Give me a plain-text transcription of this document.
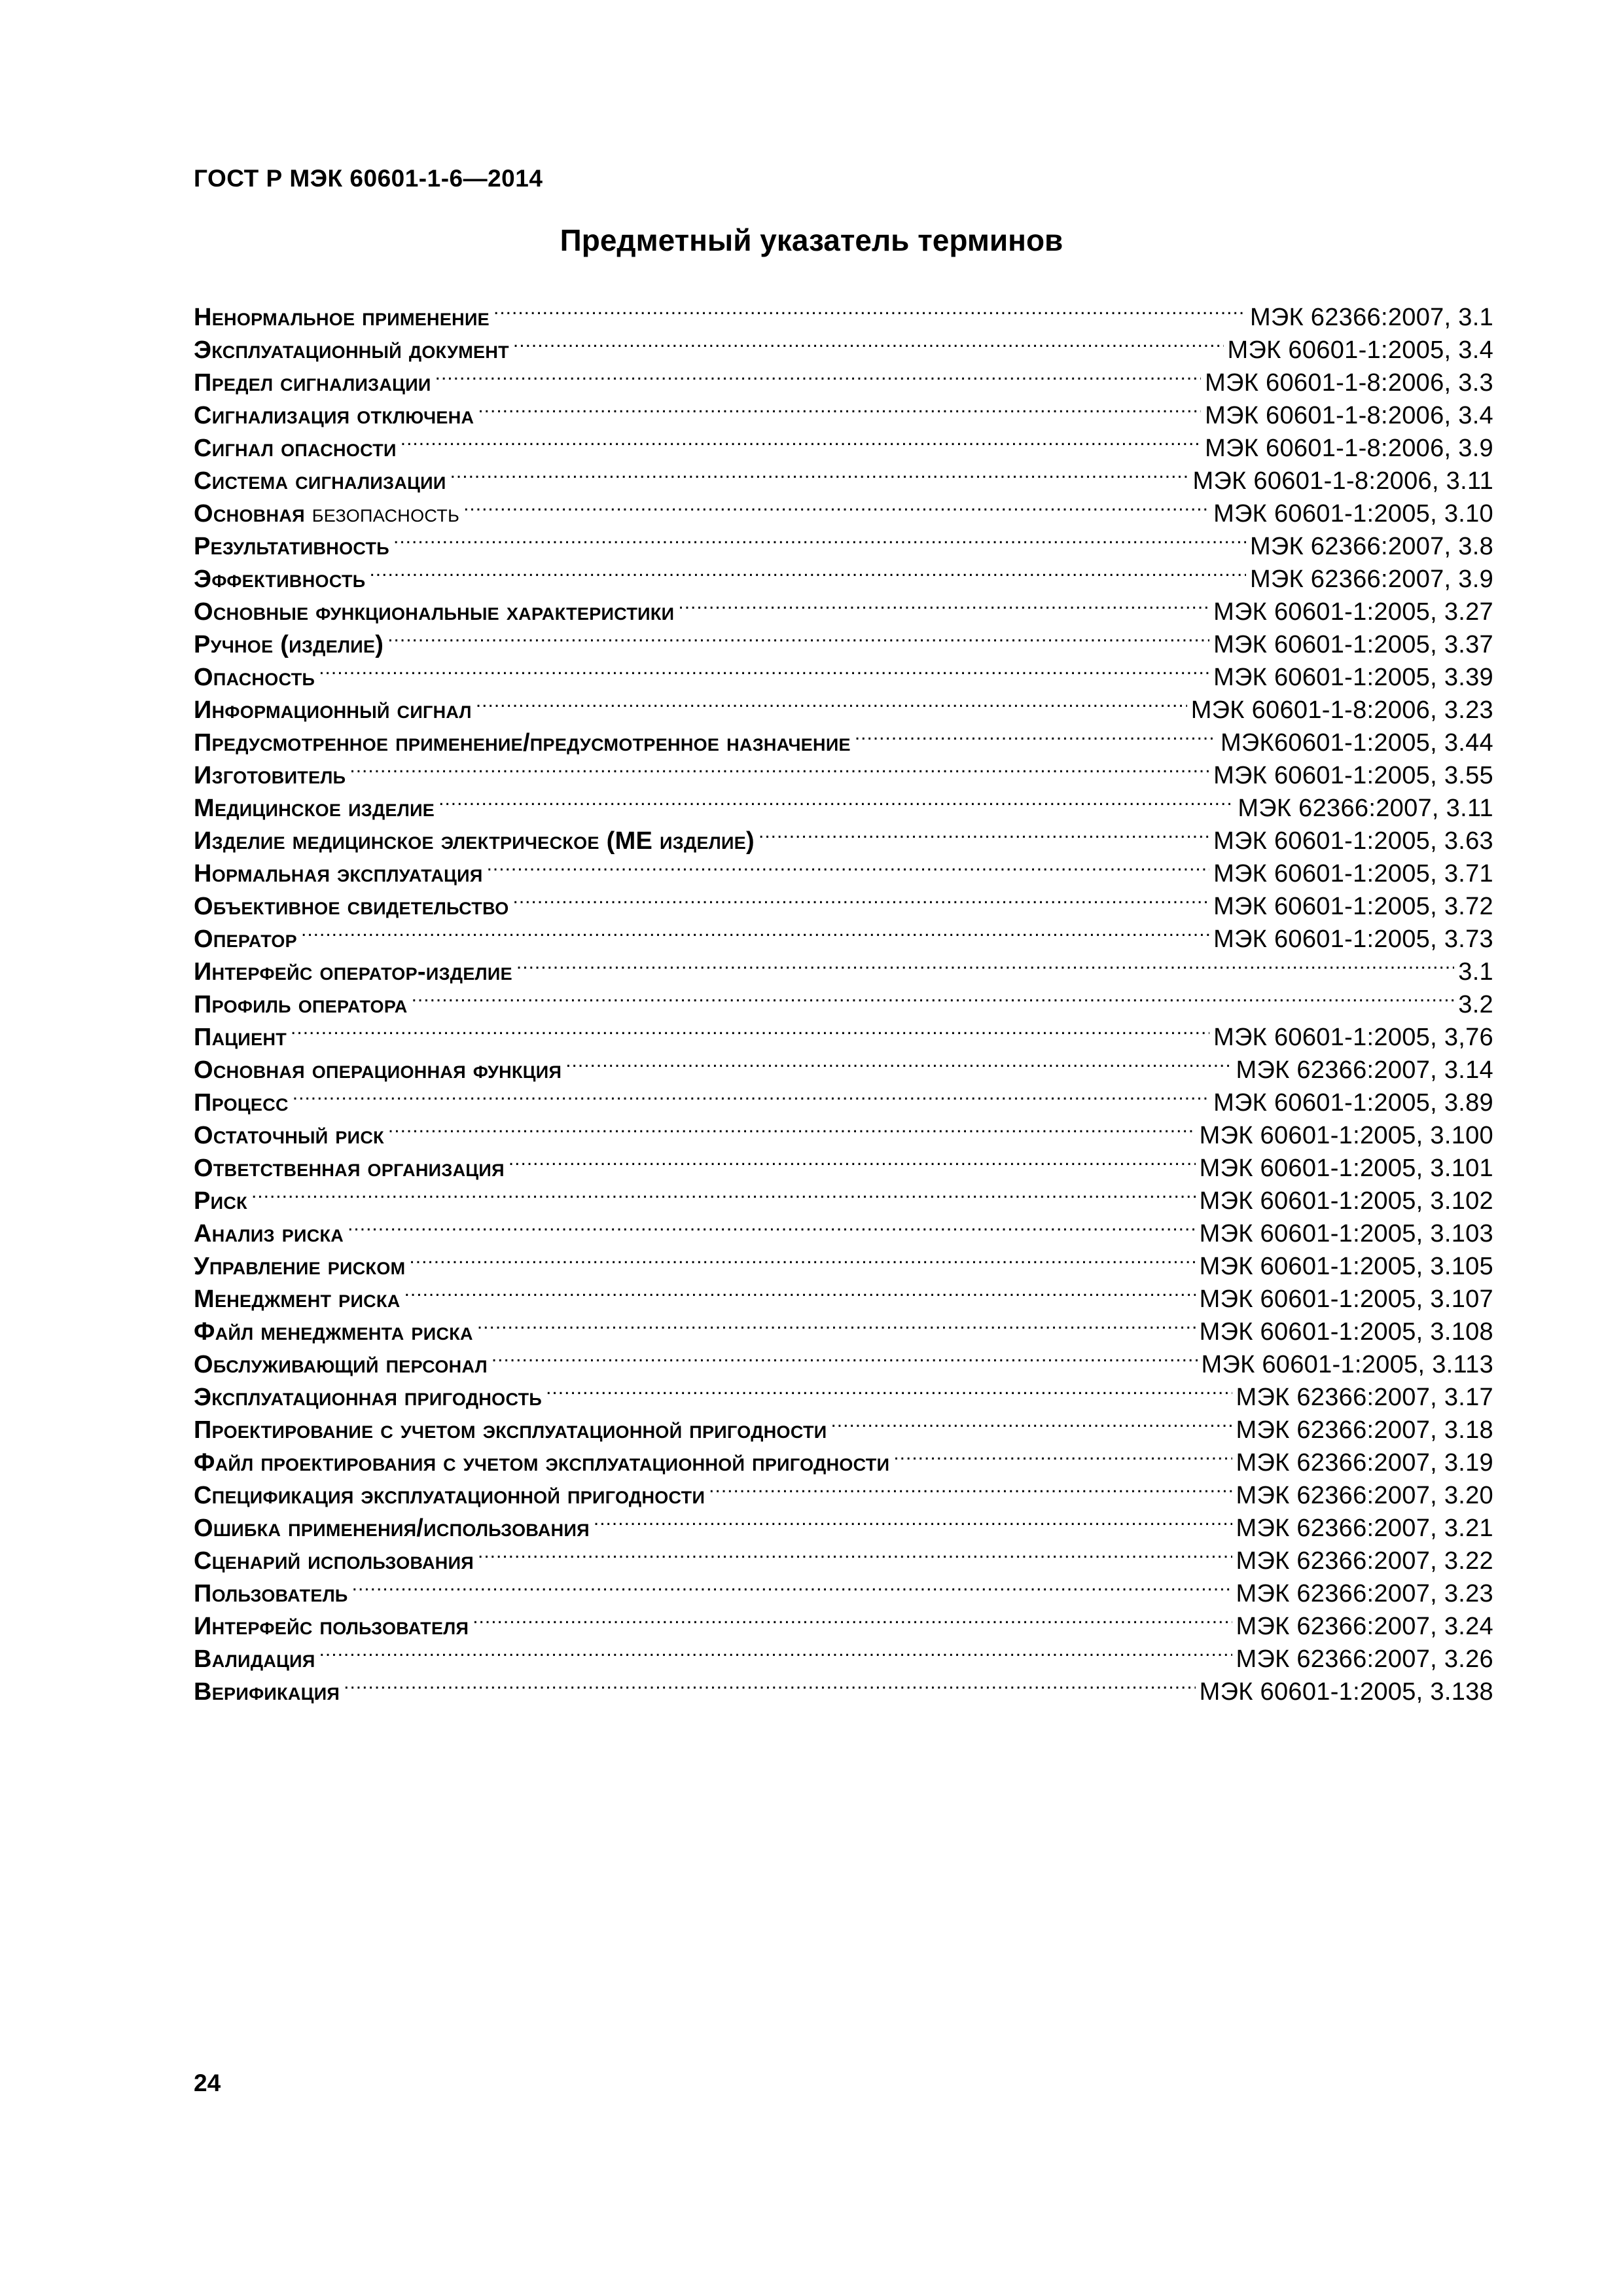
ГОСТ Р МЭК 60601-1-6—2014
Предметный указатель терминов
Ненормальное применение .....	МЭК 62366:2007, 3.1
Эксплуатационный документ .....	МЭК 60601-1:2005, 3.4
Предел сигнализации .....	МЭК 60601-1-8:2006, 3.3
Сигнализация отключена .....	МЭК 60601-1-8:2006, 3.4
Сигнал опасности .....	МЭК 60601-1-8:2006, 3.9
Система сигнализации .....	МЭК 60601-1-8:2006, 3.11
Основная безопасность .....	МЭК 60601-1:2005, 3.10
Результативность .....	МЭК 62366:2007, 3.8
Эффективность .....	МЭК 62366:2007, 3.9
Основные функциональные характеристики .....	МЭК 60601-1:2005, 3.27
Ручное (изделие) .....	МЭК 60601-1:2005, 3.37
Опасность .....	МЭК 60601-1:2005, 3.39
Информационный сигнал .....	МЭК 60601-1-8:2006, 3.23
Предусмотренное применение/предусмотренное назначение .....	МЭК60601-1:2005, 3.44
Изготовитель .....	МЭК 60601-1:2005, 3.55
Медицинское изделие .....	МЭК 62366:2007, 3.11
Изделие медицинское электрическое (ME изделие) .....	МЭК 60601-1:2005, 3.63
Нормальная эксплуатация .....	МЭК 60601-1:2005, 3.71
Объективное свидетельство .....	МЭК 60601-1:2005, 3.72
Оператор .....	МЭК 60601-1:2005, 3.73
Интерфейс оператор-изделие .....	3.1
Профиль оператора .....	3.2
Пациент .....	МЭК 60601-1:2005, 3,76
Основная операционная функция .....	МЭК 62366:2007, 3.14
Процесс .....	МЭК 60601-1:2005, 3.89
Остаточный риск .....	МЭК 60601-1:2005, 3.100
Ответственная организация .....	МЭК 60601-1:2005, 3.101
Риск .....	МЭК 60601-1:2005, 3.102
Анализ риска .....	МЭК 60601-1:2005, 3.103
Управление риском .....	МЭК 60601-1:2005, 3.105
Менеджмент риска .....	МЭК 60601-1:2005, 3.107
Файл менеджмента риска .....	МЭК 60601-1:2005, 3.108
Обслуживающий персонал .....	МЭК 60601-1:2005, 3.113
Эксплуатационная пригодность .....	МЭК 62366:2007, 3.17
Проектирование с учетом эксплуатационной пригодности .....	МЭК 62366:2007, 3.18
Файл проектирования с учетом эксплуатационной пригодности .....	МЭК 62366:2007, 3.19
Спецификация эксплуатационной пригодности .....	МЭК 62366:2007, 3.20
Ошибка применения/использования .....	МЭК 62366:2007, 3.21
Сценарий использования .....	МЭК 62366:2007, 3.22
Пользователь .....	МЭК 62366:2007, 3.23
Интерфейс пользователя .....	МЭК 62366:2007, 3.24
Валидация .....	МЭК 62366:2007, 3.26
Верификация .....	МЭК 60601-1:2005, 3.138
24
